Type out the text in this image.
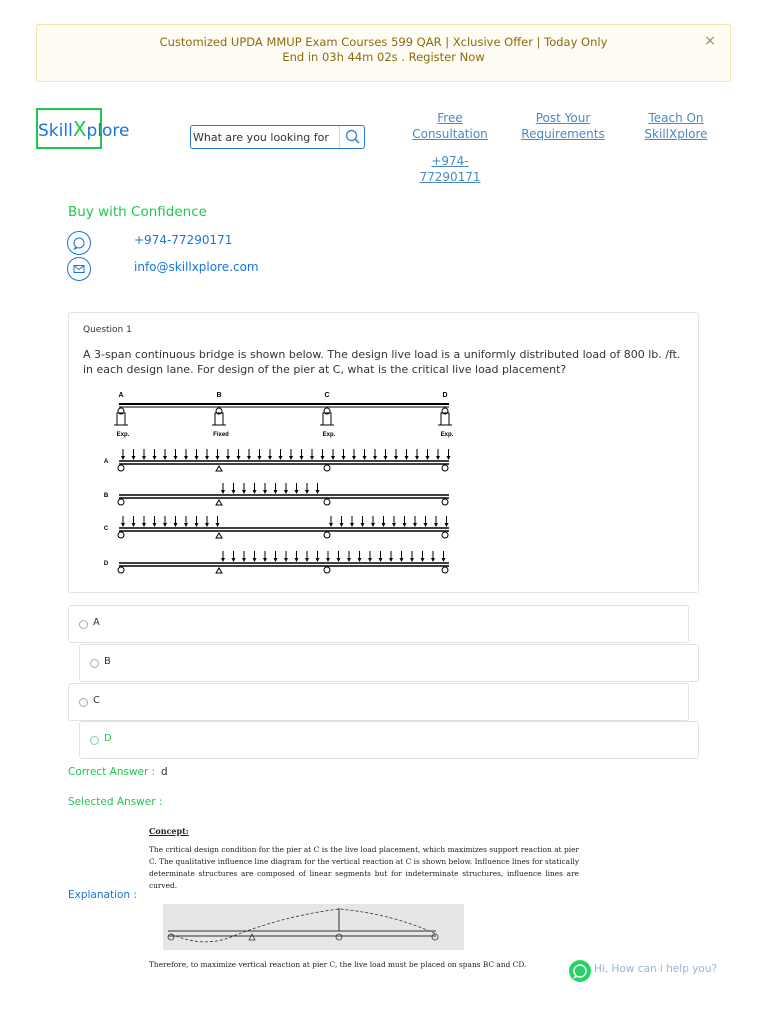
Customized UPDA MMUP Exam Courses 599 QAR | Xclusive Offer | Today Only
End in 03h 44m 02s . Register Now
×
SkillXplore
What are you looking for
Free
Consultation
Post Your
Requirements
Teach On
SkillXplore
+974-77290171
Buy with Confidence
+974-77290171
info@skillxplore.com
Question 1
A 3-span continuous bridge is shown below. The design live load is a uniformly distributed load of 800 lb. /ft. in each design lane. For design of the pier at C, what is the critical live load placement?
A	B	C	D
Exp.	Fixed	Exp.	Exp.
A
B
C
D
A
B
C
D
Correct Answer : d
Selected Answer :
Explanation :
Concept:
The critical design condition for the pier at C is the live load placement, which maximizes support reaction at pier C. The qualitative influence line diagram for the vertical reaction at C is shown below. Influence lines for statically determinate structures are composed of linear segments but for indeterminate structures, influence lines are curved.
Therefore, to maximize vertical reaction at pier C, the live load must be placed on spans BC and CD.	Hi, How can i help you?
